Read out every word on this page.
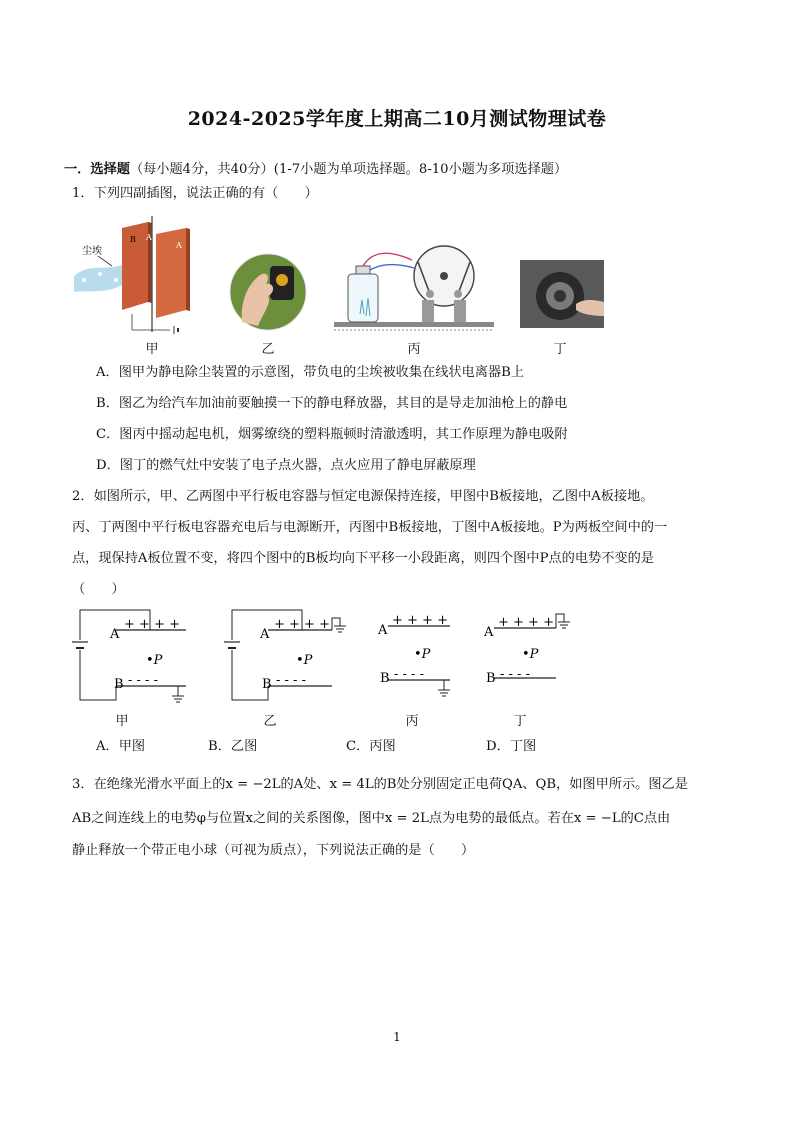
2024-2025学年度上期高二10月测试物理试卷
一．选择题（每小题4分，共40分）(1-7小题为单项选择题。8-10小题为多项选择题）
1．下列四副插图，说法正确的有（　　）
尘埃
B A
A
甲	乙	丙	丁
A．图甲为静电除尘装置的示意图，带负电的尘埃被收集在线状电离器B上
B．图乙为给汽车加油前要触摸一下的静电释放器，其目的是导走加油枪上的静电
C．图丙中摇动起电机，烟雾缭绕的塑料瓶顿时清澈透明，其工作原理为静电吸附
D．图丁的燃气灶中安装了电子点火器，点火应用了静电屏蔽原理
2．如图所示，甲、乙两图中平行板电容器与恒定电源保持连接，甲图中B板接地，乙图中A板接地。
丙、丁两图中平行板电容器充电后与电源断开，丙图中B板接地，丁图中A板接地。P为两板空间中的一
点，现保持A板位置不变，将四个图中的B板均向下平移一小段距离，则四个图中P点的电势不变的是
（　　）
A
+ + + +
B - - - -
•P
A
+ + + +
B - - - -
•P
A
+ + + +
B - - - -
•P
A
+ + + +
B - - - -
•P
甲	乙	丙	丁
A．甲图	B．乙图	C．丙图	D．丁图
3．在绝缘光滑水平面上的x = −2L的A处、x = 4L的B处分别固定正电荷QA、QB，如图甲所示。图乙是
AB之间连线上的电势φ与位置x之间的关系图像，图中x = 2L点为电势的最低点。若在x = −L的C点由
静止释放一个带正电小球（可视为质点），下列说法正确的是（　　）
1
